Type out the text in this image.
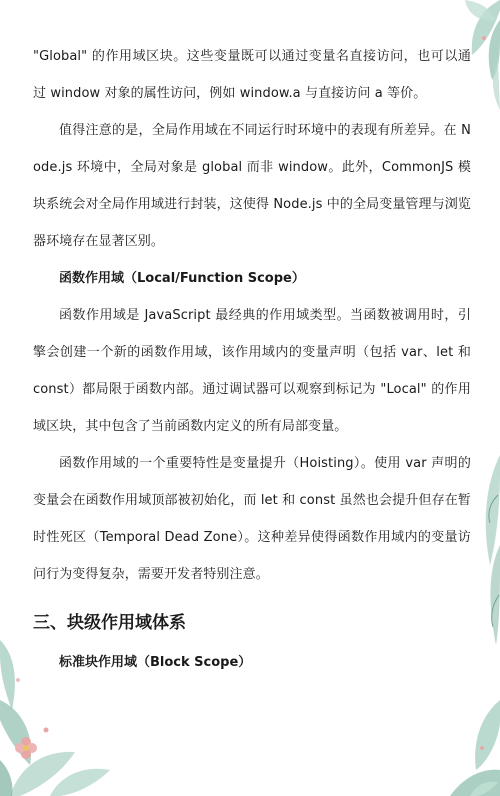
"Global" 的作用域区块。这些变量既可以通过变量名直接访问，也可以通过 window 对象的属性访问，例如 window.a 与直接访问 a 等价。

值得注意的是，全局作用域在不同运行时环境中的表现有所差异。在 Node.js 环境中，全局对象是 global 而非 window。此外，CommonJS 模块系统会对全局作用域进行封装，这使得 Node.js 中的全局变量管理与浏览器环境存在显著区别。

函数作用域（Local/Function Scope）

函数作用域是 JavaScript 最经典的作用域类型。当函数被调用时，引擎会创建一个新的函数作用域，该作用域内的变量声明（包括 var、let 和 const）都局限于函数内部。通过调试器可以观察到标记为 "Local" 的作用域区块，其中包含了当前函数内定义的所有局部变量。

函数作用域的一个重要特性是变量提升（Hoisting）。使用 var 声明的变量会在函数作用域顶部被初始化，而 let 和 const 虽然也会提升但存在暂时性死区（Temporal Dead Zone）。这种差异使得函数作用域内的变量访问行为变得复杂，需要开发者特别注意。

三、块级作用域体系
标准块作用域（Block Scope）
